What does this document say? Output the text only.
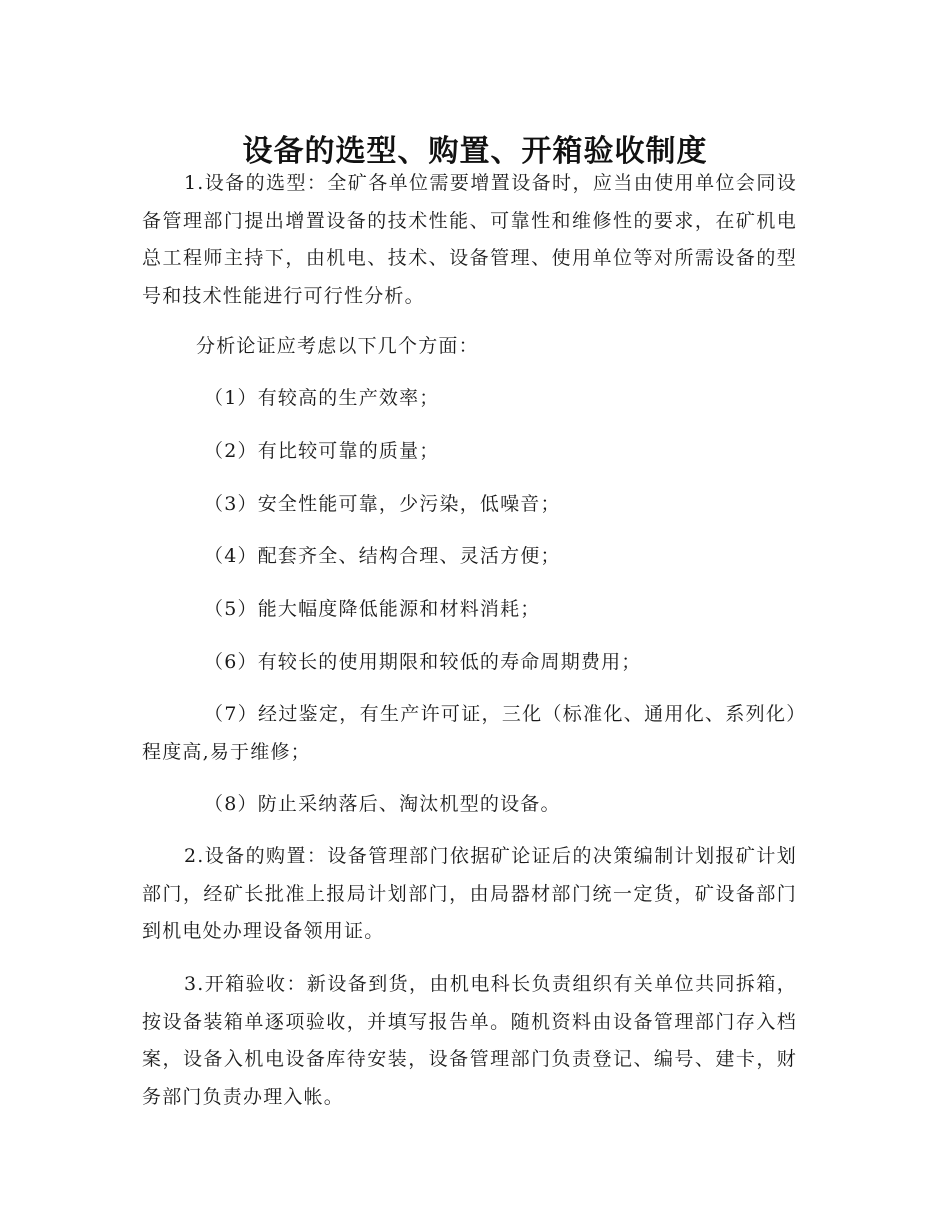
设备的选型、购置、开箱验收制度

1.设备的选型：全矿各单位需要增置设备时，应当由使用单位会同设备管理部门提出增置设备的技术性能、可靠性和维修性的要求，在矿机电总工程师主持下，由机电、技术、设备管理、使用单位等对所需设备的型号和技术性能进行可行性分析。

分析论证应考虑以下几个方面：

（1）有较高的生产效率；

（2）有比较可靠的质量；

（3）安全性能可靠，少污染，低噪音；

（4）配套齐全、结构合理、灵活方便；

（5）能大幅度降低能源和材料消耗；

（6）有较长的使用期限和较低的寿命周期费用；

（7）经过鉴定，有生产许可证，三化（标准化、通用化、系列化）程度高,易于维修；

（8）防止采纳落后、淘汰机型的设备。

2.设备的购置：设备管理部门依据矿论证后的决策编制计划报矿计划部门，经矿长批准上报局计划部门，由局器材部门统一定货，矿设备部门到机电处办理设备领用证。

3.开箱验收：新设备到货，由机电科长负责组织有关单位共同拆箱，按设备装箱单逐项验收，并填写报告单。随机资料由设备管理部门存入档案，设备入机电设备库待安装，设备管理部门负责登记、编号、建卡，财务部门负责办理入帐。
